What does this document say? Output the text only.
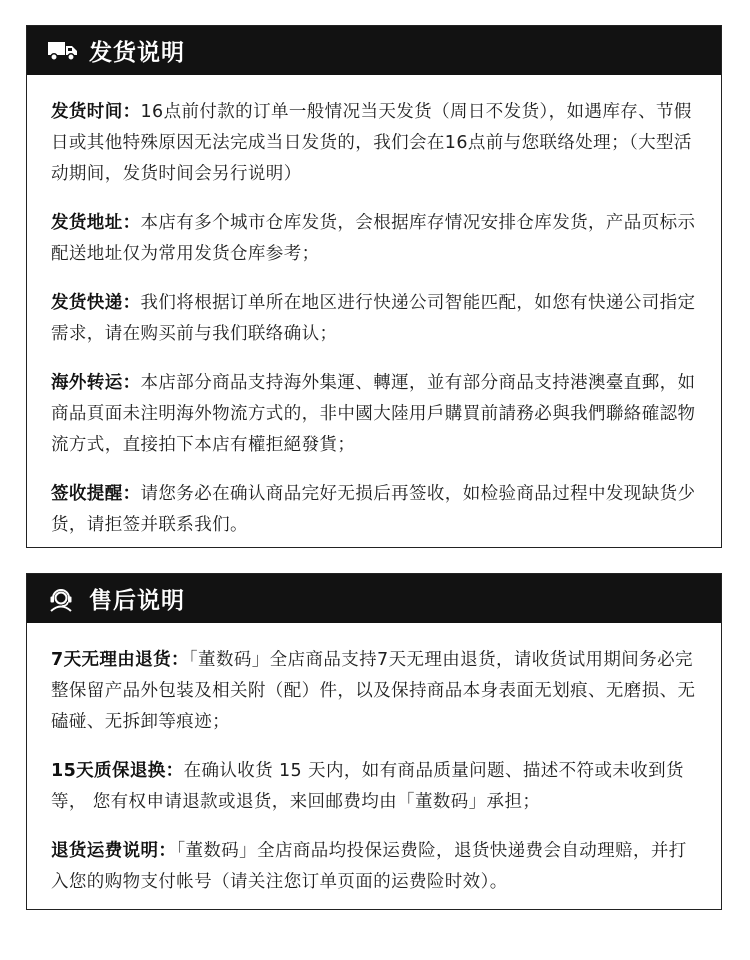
发货说明

发货时间：16点前付款的订单一般情况当天发货（周日不发货），如遇库存、节假日或其他特殊原因无法完成当日发货的，我们会在16点前与您联络处理；（大型活动期间，发货时间会另行说明）

发货地址：本店有多个城市仓库发货，会根据库存情况安排仓库发货，产品页标示配送地址仅为常用发货仓库参考；

发货快递：我们将根据订单所在地区进行快递公司智能匹配，如您有快递公司指定需求，请在购买前与我们联络确认；

海外转运：本店部分商品支持海外集運、轉運，並有部分商品支持港澳臺直郵，如商品頁面未注明海外物流方式的，非中國大陸用戶購買前請務必與我們聯絡確認物流方式，直接拍下本店有權拒絕發貨；

签收提醒：请您务必在确认商品完好无损后再签收，如检验商品过程中发现缺货少货，请拒签并联系我们。

售后说明

7天无理由退货：「董数码」全店商品支持7天无理由退货，请收货试用期间务必完整保留产品外包装及相关附（配）件，以及保持商品本身表面无划痕、无磨损、无磕碰、无拆卸等痕迹；

15天质保退换：在确认收货 15 天内，如有商品质量问题、描述不符或未收到货等， 您有权申请退款或退货，来回邮费均由「董数码」承担；

退货运费说明：「董数码」全店商品均投保运费险，退货快递费会自动理赔，并打入您的购物支付帐号（请关注您订单页面的运费险时效）。
